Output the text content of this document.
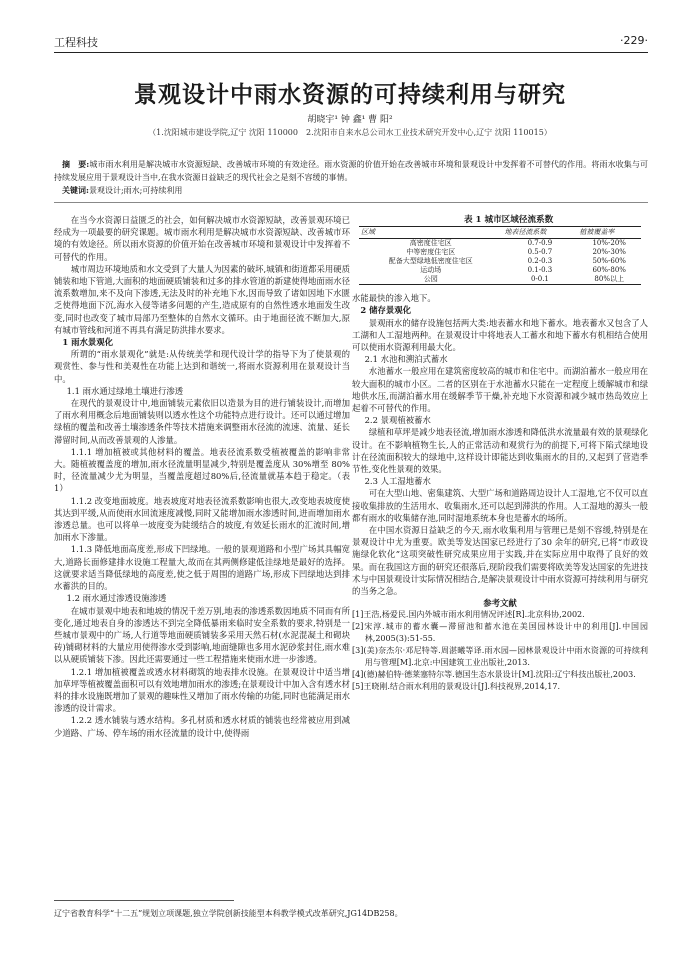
工程科技	·229·
景观设计中雨水资源的可持续利用与研究
胡晓宇¹ 钟 鑫¹ 曹 阳²
（1.沈阳城市建设学院,辽宁 沈阳 110000　2.沈阳市自来水总公司水工业技术研究开发中心,辽宁 沈阳 110015）
摘　要:城市雨水利用是解决城市水资源短缺、改善城市环境的有效途径。雨水资源的价值开始在改善城市环境和景观设计中发挥着不可替代的作用。将雨水收集与可持续发展应用于景观设计当中,在我水资源日益缺乏的现代社会之是刻不容缓的事情。
关键词:景观设计;雨水;可持续利用

在当今水资源日益匮乏的社会，如何解决城市水资源短缺，改善景观环境已经成为一项最要的研究课题。城市雨水利用是解决城市水资源短缺、改善城市环境的有效途径。所以雨水资源的价值开始在改善城市环境和景观设计中发挥着不可替代的作用。

城市周边环境地质和水文受到了大量人为因素的破坏,城镇和街道都采用硬质铺装和地下管道,大面积的地面硬质铺装和过多的排水管道的新建使得地面雨水径流系数增加,来不及向下渗透,无法及时的补充地下水,因而导致了诸如因地下水匮乏使得地面下沉,海水入侵等诸多问题的产生,造成原有的自然性透水地面发生改变,同时也改变了城市局部乃至整体的自然水文循环。由于地面径流不断加大,原有城市管线和河道不再具有满足防洪排水要求。

1 雨水景观化

所谓的“雨水景观化”就是:从传统美学和现代设计学的指导下为了使景观的观赏性、参与性和美观性在功能上达到和谐统一,将雨水资源利用在景观设计当中。

1.1 雨水通过绿地土壤进行渗透

在现代的景观设计中,地面铺装元素依旧以造景为目的进行铺装设计,而增加了雨水利用概念后地面铺装则以透水性这个功能特点进行设计。还可以通过增加绿植的覆盖和改善土壤渗透条件等技术措施来调整雨水径流的流速、流量、延长滞留时间,从而改善景观的人渗量。

1.1.1 增加植被或其他材料的覆盖。地表径流系数受植被覆盖的影响非常大。随植被覆盖度的增加,雨水径流量明显减少,特别是覆盖度从 30%增至 80%时，径流量减少尤为明显，当覆盖度超过80%后,径流量就基本趋于稳定。（表 1）

1.1.2 改变地面坡度。地表坡度对地表径流系数影响也很大,改变地表坡度使其达到平缓,从而使雨水回流速度减慢,同时又能增加雨水渗透时间,进而增加雨水渗透总量。也可以将单一坡度变为陡缓结合的坡度,有效延长雨水的汇流时间,增加雨水下渗量。

1.1.3 降低地面高度差,形成下凹绿地。一般的景观道路和小型广场其具幅宽大,道路长面修建排水设施工程量大,故而在其两侧修建低洼绿地是最好的选择。这就要求适当降低绿地的高度差,使之低于周围的道路广场,形成下凹绿地达到排水蓄洪的目的。

1.2 雨水通过渗透设施渗透

在城市景观中地表和地坡的情况千差万别,地表的渗透系数因地质不同而有所变化,通过地表自身的渗透达不到完全降低暴雨来临时安全系数的要求,特别是一些城市景观中的广场,人行道等地面硬质铺装多采用天然石材(水泥混凝土和砌块砖)铺砌材料的大量应用使得渗水受到影响,地面缝隙也多用水泥砂浆封住,雨水难以从硬质铺装下渗。因此还需要通过一些工程措施来使雨水进一步渗透。

1.2.1 增加植被覆盖或透水材料砌筑的地表排水设施。在景观设计中适当增加草坪等植被覆盖面积可以有效地增加雨水的渗透;在景观设计中加入含有透水材料的排水设施既增加了景观的趣味性又增加了雨水传输的功能,同时也能满足雨水渗透的设计需求。

1.2.2 透水铺装与透水结构。多孔材质和透水材质的铺装也经常被应用到减少道路、广场、停车场的雨水径流量的设计中,使得雨

表 1 城市区域径流系数

区域	地表径流系数	植被覆盖率
高密度住宅区	0.7-0.9	10%-20%
中等密度住宅区	0.5-0.7	20%-30%
配备大型绿地低密度住宅区	0.2-0.3	50%-60%
运动场	0.1-0.3	60%-80%
公园	0-0.1	80%以上

水能最快的渗入地下。

2 储存景观化

景观雨水的储存设施包括两大类:地表蓄水和地下蓄水。地表蓄水又包含了人工湖和人工湿地两种。在景观设计中将地表人工蓄水和地下蓄水有机相结合使用可以使雨水资源利用最大化。

2.1 水池和溯泊式蓄水

水池蓄水一般应用在建筑密度较高的城市和住宅中。而湖泊蓄水一般应用在较大面积的城市小区。二者的区别在于水池蓄水只能在一定程度上缓解城市和绿地供水压,而湖泊蓄水用在缓解季节干燥,补充地下水资源和减少城市热岛效应上起着不可替代的作用。

2.2 景观植被蓄水

绿植和草坪是减少地表径流,增加雨水渗透和降低洪水流量最有效的景观绿化设计。在不影响植物生长,人的正常活动和观赏行为的前提下,可将下陷式绿地设计在径流面积较大的绿地中,这样设计即能达到收集雨水的目的,又起到了营造季节性,变化性景观的效果。

2.3 人工湿地蓄水

可在大型山地、密集建筑、大型广场和道路周边设计人工湿地,它不仅可以直接收集排放的生活用水、收集雨水,还可以起到滞洪的作用。人工湿地的源头一般都有雨水的收集储存池,同时湿地系统本身也是蓄水的场所。

在中国水资源日益缺乏的今天,雨水收集利用与管理已是刻不容缓,特别是在景观设计中尤为重要。欧美等发达国家已经进行了30 余年的研究,已将“市政设施绿化软化”这项突破性研究成果应用于实践,并在实际应用中取得了良好的效果。而在我国这方面的研究还很落后,现阶段我们需要将欧美等发达国家的先进技术与中国景观设计实际情况相结合,是解决景观设计中雨水资源可持续利用与研究的当务之急。

参考文献

[1]王浩,杨爱民.国内外城市雨水利用情况评述[R].北京科协,2002.

[2]宋淳.城市的蓄水囊—滞留池和蓄水池在美国园林设计中的利用[J].中国园林,2005(3):51-55.

[3](美)奈杰尔·邓尼特等.周湛曦等译.雨水园—园林景观设计中雨水资源的可持续利用与管理[M].北京:中国建筑工业出版社,2013.

[4](德)赫伯特·德莱塞特尔等.德国生态水景设计[M].沈阳:辽宁科技出版社,2003.

[5]王晓刚.结合雨水利用的景观设计[J].科技视界,2014,17.

辽宁省教育科学“十二五”规划立项课题,独立学院创新技能型本科教学模式改革研究,JG14DB258。
